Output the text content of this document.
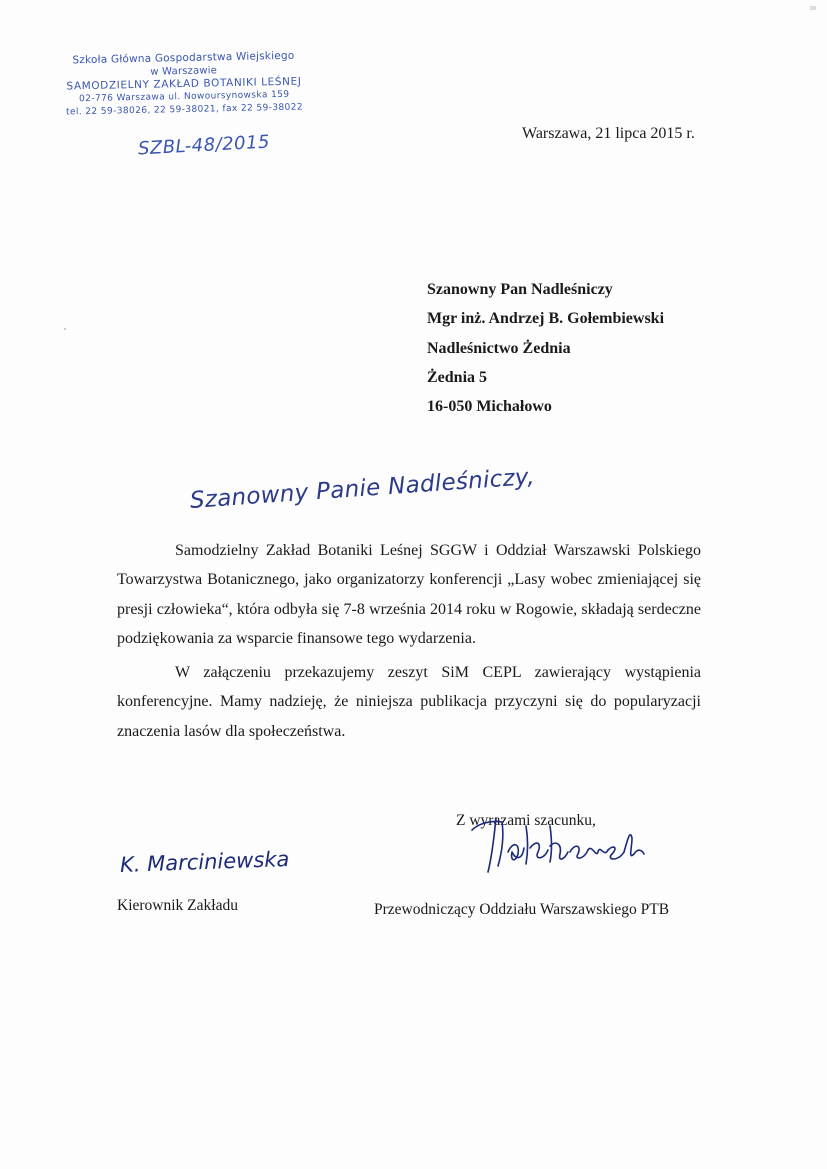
Szkoła Główna Gospodarstwa Wiejskiego
w Warszawie
SAMODZIELNY ZAKŁAD BOTANIKI LEŚNEJ
02-776 Warszawa ul. Nowoursynowska 159
tel. 22 59-38026, 22 59-38021, fax 22 59-38022
SZBL-48/2015	Warszawa, 21 lipca 2015 r.
Szanowny Pan Nadleśniczy
Mgr inż. Andrzej B. Gołembiewski
Nadleśnictwo Żednia
Żednia 5
16-050 Michałowo
Szanowny Panie Nadleśniczy,

Samodzielny Zakład Botaniki Leśnej SGGW i Oddział Warszawski Polskiego Towarzystwa Botanicznego, jako organizatorzy konferencji „Lasy wobec zmieniającej się presji człowieka“, która odbyła się 7-8 września 2014 roku w Rogowie, składają serdeczne podziękowania za wsparcie finansowe tego wydarzenia.

W załączeniu przekazujemy zeszyt SiM CEPL zawierający wystąpienia konferencyjne. Mamy nadzieję, że niniejsza publikacja przyczyni się do popularyzacji znaczenia lasów dla społeczeństwa.

Z wyrazami szacunku,
K. Marciniewska
Kierownik Zakładu	Przewodniczący Oddziału Warszawskiego PTB
